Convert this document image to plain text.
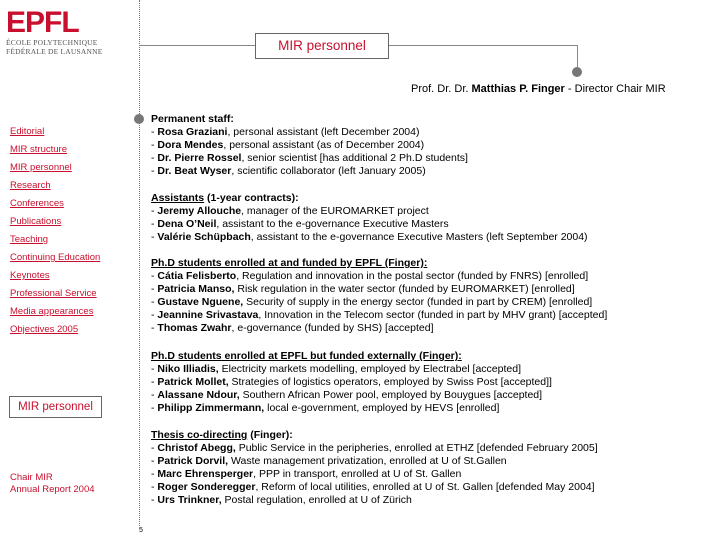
EPFL
ÉCOLE POLYTECHNIQUE
FÉDÉRALE DE LAUSANNE	MIR personnel
Prof. Dr. Dr. Matthias P. Finger - Director Chair MIR
Editorial
MIR structure
MIR personnel
Research
Conferences
Publications
Teaching
Continuing Education
Keynotes
Professional Service
Media appearances
Objectives 2005
MIR personnel
Chair MIR
Annual Report 2004
5
Permanent staff:
- Rosa Graziani, personal assistant (left December 2004)
- Dora Mendes, personal assistant (as of December 2004)
- Dr. Pierre Rossel, senior scientist [has additional 2 Ph.D students]
- Dr. Beat Wyser, scientific collaborator (left January 2005)
Assistants (1-year contracts):
- Jeremy Allouche, manager of the EUROMARKET project
- Dena O’Neil, assistant to the e-governance Executive Masters
- Valérie Schüpbach, assistant to the e-governance Executive Masters (left September 2004)
Ph.D students enrolled at and funded by EPFL (Finger):
- Cátia Felisberto, Regulation and innovation in the postal sector (funded by FNRS) [enrolled]
- Patricia Manso, Risk regulation in the water sector (funded by EUROMARKET) [enrolled]
- Gustave Nguene, Security of supply in the energy sector (funded in part by CREM) [enrolled]
- Jeannine Srivastava, Innovation in the Telecom sector (funded in part by MHV grant) [accepted]
- Thomas Zwahr, e-governance (funded by SHS) [accepted]
Ph.D students enrolled at EPFL but funded externally (Finger):
- Niko Illiadis, Electricity markets modelling, employed by Electrabel [accepted]
- Patrick Mollet, Strategies of logistics operators, employed by Swiss Post [accepted]]
- Alassane Ndour, Southern African Power pool, employed by Bouygues [accepted]
- Philipp Zimmermann, local e-government, employed by HEVS [enrolled]
Thesis co-directing (Finger):
- Christof Abegg, Public Service in the peripheries, enrolled at ETHZ [defended February 2005]
- Patrick Dorvil, Waste management privatization, enrolled at U of St.Gallen
- Marc Ehrensperger, PPP in transport, enrolled at U of St. Gallen
- Roger Sonderegger, Reform of local utilities, enrolled at U of St. Gallen [defended May 2004]
- Urs Trinkner, Postal regulation, enrolled at U of Zürich
